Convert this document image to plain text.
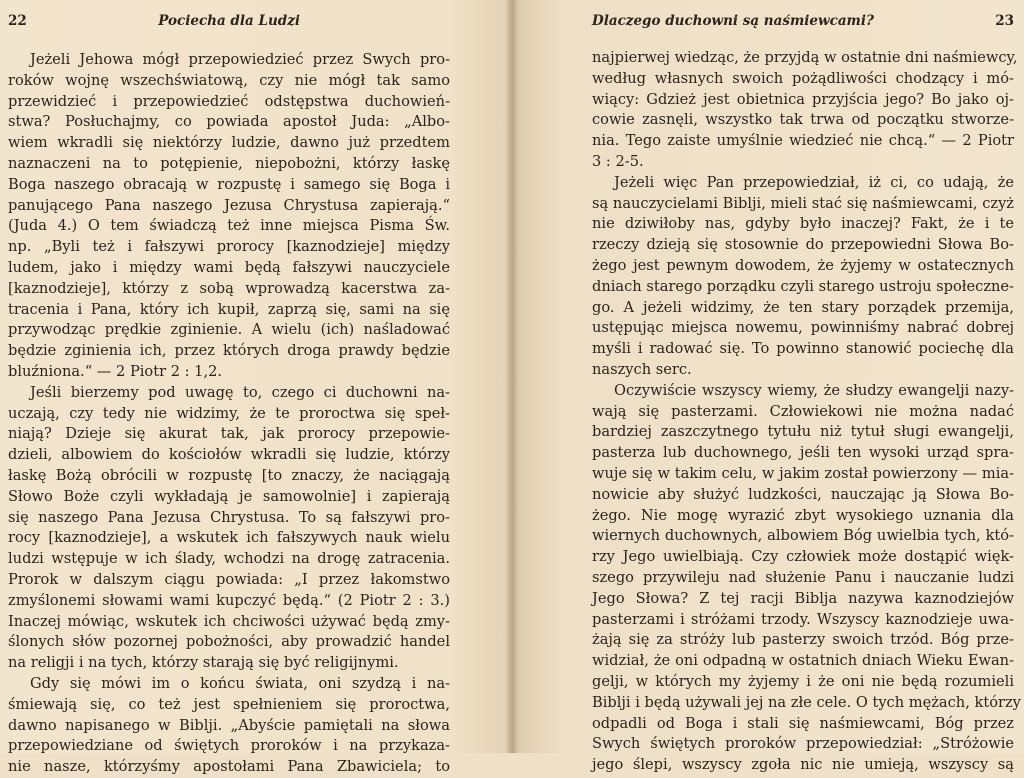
22	Pociecha dla Ludzi
Jeżeli Jehowa mógł przepowiedzieć przez Swych pro-
roków wojnę wszechświatową, czy nie mógł tak samo
przewidzieć i przepowiedzieć odstępstwa duchowień-
stwa? Posłuchajmy, co powiada apostoł Juda: „Albo-
wiem wkradli się niektórzy ludzie, dawno już przedtem
naznaczeni na to potępienie, niepobożni, którzy łaskę
Boga naszego obracają w rozpustę i samego się Boga i
panującego Pana naszego Jezusa Chrystusa zapierają.“
(Juda 4.) O tem świadczą też inne miejsca Pisma Św.
np. „Byli też i fałszywi prorocy [kaznodzieje] między
ludem, jako i między wami będą fałszywi nauczyciele
[kaznodzieje], którzy z sobą wprowadzą kacerstwa za-
tracenia i Pana, który ich kupił, zaprzą się, sami na się
przywodząc prędkie zginienie. A wielu (ich) naśladować
będzie zginienia ich, przez których droga prawdy będzie
bluźniona.“ — 2 Piotr 2 : 1,2.
Jeśli bierzemy pod uwagę to, czego ci duchowni na-
uczają, czy tedy nie widzimy, że te proroctwa się speł-
niają? Dzieje się akurat tak, jak prorocy przepowie-
dzieli, albowiem do kościołów wkradli się ludzie, którzy
łaskę Bożą obrócili w rozpustę [to znaczy, że naciągają
Słowo Boże czyli wykładają je samowolnie] i zapierają
się naszego Pana Jezusa Chrystusa. To są fałszywi pro-
rocy [kaznodzieje], a wskutek ich fałszywych nauk wielu
ludzi wstępuje w ich ślady, wchodzi na drogę zatracenia.
Prorok w dalszym ciągu powiada: „I przez łakomstwo
zmyślonemi słowami wami kupczyć będą.“ (2 Piotr 2 : 3.)
Inaczej mówiąc, wskutek ich chciwości używać będą zmy-
ślonych słów pozornej pobożności, aby prowadzić handel
na religji i na tych, którzy starają się być religijnymi.
Gdy się mówi im o końcu świata, oni szydzą i na-
śmiewają się, co też jest spełnieniem się proroctwa,
dawno napisanego w Biblji. „Abyście pamiętali na słowa
przepowiedziane od świętych proroków i na przykaza-
nie nasze, którzyśmy apostołami Pana Zbawiciela; to
Dlaczego duchowni są naśmiewcami?	23
najpierwej wiedząc, że przyjdą w ostatnie dni naśmiewcy,
według własnych swoich pożądliwości chodzący i mó-
wiący: Gdzież jest obietnica przyjścia jego? Bo jako oj-
cowie zasnęli, wszystko tak trwa od początku stworze-
nia. Tego zaiste umyślnie wiedzieć nie chcą.“ — 2 Piotr
3 : 2-5.
Jeżeli więc Pan przepowiedział, iż ci, co udają, że
są nauczycielami Biblji, mieli stać się naśmiewcami, czyż
nie dziwiłoby nas, gdyby było inaczej? Fakt, że i te
rzeczy dzieją się stosownie do przepowiedni Słowa Bo-
żego jest pewnym dowodem, że żyjemy w ostatecznych
dniach starego porządku czyli starego ustroju społeczne-
go. A jeżeli widzimy, że ten stary porządek przemija,
ustępując miejsca nowemu, powinniśmy nabrać dobrej
myśli i radować się. To powinno stanowić pociechę dla
naszych serc.
Oczywiście wszyscy wiemy, że słudzy ewangelji nazy-
wają się pasterzami. Człowiekowi nie można nadać
bardziej zaszczytnego tytułu niż tytuł sługi ewangelji,
pasterza lub duchownego, jeśli ten wysoki urząd spra-
wuje się w takim celu, w jakim został powierzony — mia-
nowicie aby służyć ludzkości, nauczając ją Słowa Bo-
żego. Nie mogę wyrazić zbyt wysokiego uznania dla
wiernych duchownych, albowiem Bóg uwielbia tych, któ-
rzy Jego uwielbiają. Czy człowiek może dostąpić więk-
szego przywileju nad służenie Panu i nauczanie ludzi
Jego Słowa? Z tej racji Biblja nazywa kaznodziejów
pasterzami i stróżami trzody. Wszyscy kaznodzieje uwa-
żają się za stróży lub pasterzy swoich trzód. Bóg prze-
widział, że oni odpadną w ostatnich dniach Wieku Ewan-
gelji, w których my żyjemy i że oni nie będą rozumieli
Biblji i będą używali jej na złe cele. O tych mężach, którzy
odpadli od Boga i stali się naśmiewcami, Bóg przez
Swych świętych proroków przepowiedział: „Stróżowie
jego ślepi, wszyscy zgoła nic nie umieją, wszyscy są
